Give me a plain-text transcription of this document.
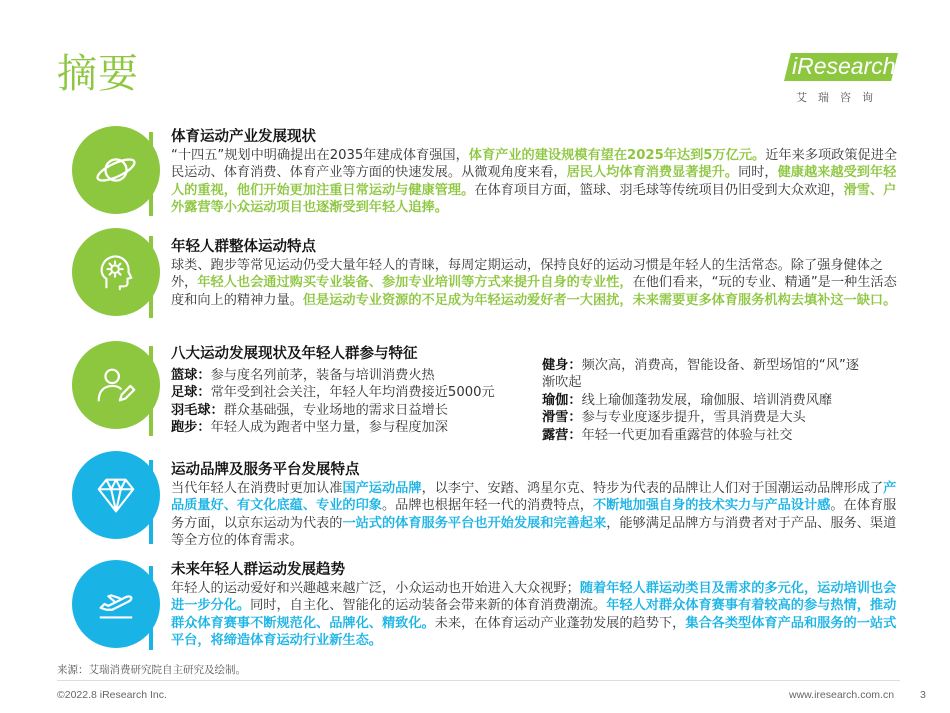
摘要	iResearch
艾瑞咨询
体育运动产业发展现状
“十四五”规划中明确提出在2035年建成体育强国，体育产业的建设规模有望在2025年达到5万亿元。近年来多项政策促进全民运动、体育消费、体育产业等方面的快速发展。从微观角度来看，居民人均体育消费显著提升。同时，健康越来越受到年轻人的重视，他们开始更加注重日常运动与健康管理。在体育项目方面，篮球、羽毛球等传统项目仍旧受到大众欢迎，滑雪、户外露营等小众运动项目也逐渐受到年轻人追捧。
年轻人群整体运动特点
球类、跑步等常见运动仍受大量年轻人的青睐，每周定期运动，保持良好的运动习惯是年轻人的生活常态。除了强身健体之外，年轻人也会通过购买专业装备、参加专业培训等方式来提升自身的专业性，在他们看来，“玩的专业、精通”是一种生活态度和向上的精神力量。但是运动专业资源的不足成为年轻运动爱好者一大困扰，未来需要更多体育服务机构去填补这一缺口。
八大运动发展现状及年轻人群参与特征
篮球：参与度名列前茅，装备与培训消费火热
足球：常年受到社会关注，年轻人年均消费接近5000元
羽毛球：群众基础强，专业场地的需求日益增长
跑步：年轻人成为跑者中坚力量，参与程度加深
健身：频次高，消费高，智能设备、新型场馆的“风”逐渐吹起
瑜伽：线上瑜伽蓬勃发展，瑜伽服、培训消费风靡
滑雪：参与专业度逐步提升，雪具消费是大头
露营：年轻一代更加看重露营的体验与社交
运动品牌及服务平台发展特点
当代年轻人在消费时更加认准国产运动品牌，以李宁、安踏、鸿星尔克、特步为代表的品牌让人们对于国潮运动品牌形成了产品质量好、有文化底蕴、专业的印象。品牌也根据年轻一代的消费特点，不断地加强自身的技术实力与产品设计感。在体育服务方面，以京东运动为代表的一站式的体育服务平台也开始发展和完善起来，能够满足品牌方与消费者对于产品、服务、渠道等全方位的体育需求。
未来年轻人群运动发展趋势
年轻人的运动爱好和兴趣越来越广泛，小众运动也开始进入大众视野；随着年轻人群运动类目及需求的多元化，运动培训也会进一步分化。同时，自主化、智能化的运动装备会带来新的体育消费潮流。年轻人对群众体育赛事有着较高的参与热情，推动群众体育赛事不断规范化、品牌化、精致化。未来，在体育运动产业蓬勃发展的趋势下，集合各类型体育产品和服务的一站式平台，将缔造体育运动行业新生态。
来源：艾瑞消费研究院自主研究及绘制。
©2022.8 iResearch Inc.	www.iresearch.com.cn 3
